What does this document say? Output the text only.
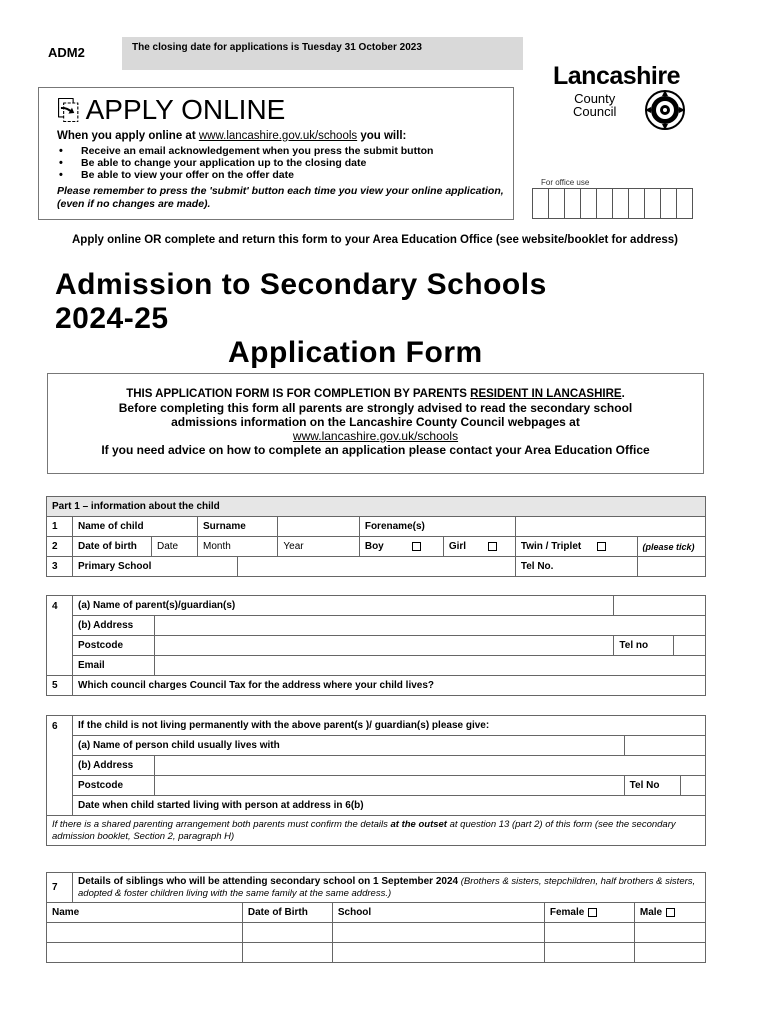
ADM2	The closing date for applications is Tuesday 31 October 2023
Lancashire
County
Council
⎘ APPLY ONLINE
When you apply online at www.lancashire.gov.uk/schools you will:
• Receive an email acknowledgement when you press the submit button
• Be able to change your application up to the closing date
• Be able to view your offer on the offer date
Please remember to press the 'submit' button each time you view your online application, (even if no changes are made).
For office use
Apply online OR complete and return this form to your Area Education Office (see website/booklet for address)
Admission to Secondary Schools
2024-25
Application Form

THIS APPLICATION FORM IS FOR COMPLETION BY PARENTS RESIDENT IN LANCASHIRE.

Before completing this form all parents are strongly advised to read the secondary school admissions information on the Lancashire County Council webpages at

www.lancashire.gov.uk/schools

If you need advice on how to complete an application please contact your Area Education Office

Part 1 – information about the child									
1	Name of child		Surname			Forename(s)			
2	Date of birth	Date	Month		Year	Boy	Girl	Twin / Triplet	(please tick)
3	Primary School							Tel No.	
4	(a) Name of parent(s)/guardian(s)			
	(b) Address			
	Postcode		Tel no	
	Email			
5	Which council charges Council Tax for the address where your child lives?			
6	If the child is not living permanently with the above parent(s )/ guardian(s) please give:			
	(a) Name of person child usually lives with			
	(b) Address			
	Postcode		Tel No	
	Date when child started living with person at address in 6(b)			
If there is a shared parenting arrangement both parents must confirm the details at the outset at question 13 (part 2) of this form (see the secondary admission booklet, Section 2, paragraph H)				
7	Details of siblings who will be attending secondary school on 1 September 2024 (Brothers & sisters, stepchildren, half brothers & sisters, adopted & foster children living with the same family at the same address.)				
Name		Date of Birth	School	Female	Male
